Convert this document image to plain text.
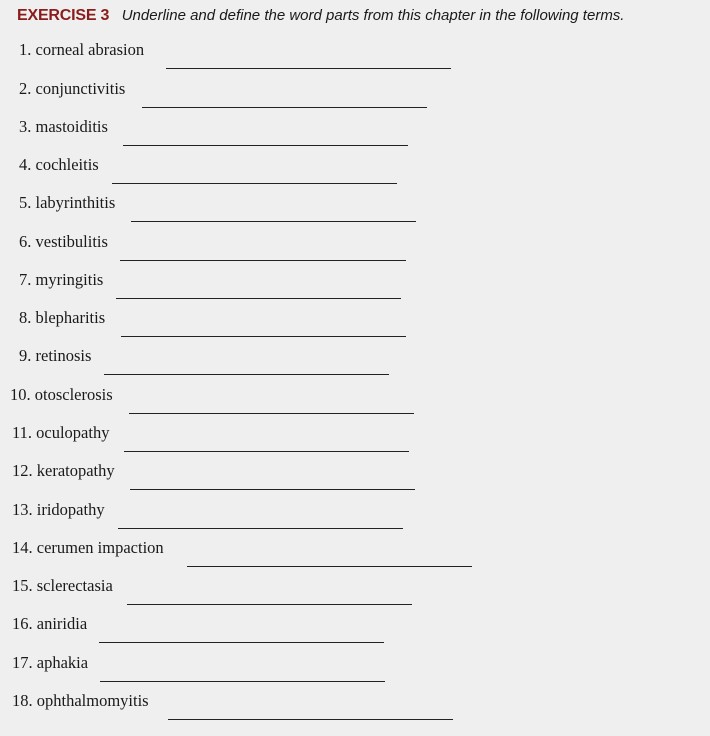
EXERCISE 3 Underline and define the word parts from this chapter in the following terms.
1. corneal abrasion
2. conjunctivitis
3. mastoiditis
4. cochleitis
5. labyrinthitis
6. vestibulitis
7. myringitis
8. blepharitis
9. retinosis
10. otosclerosis
11. oculopathy
12. keratopathy
13. iridopathy
14. cerumen impaction
15. sclerectasia
16. aniridia
17. aphakia
18. ophthalmomyitis
